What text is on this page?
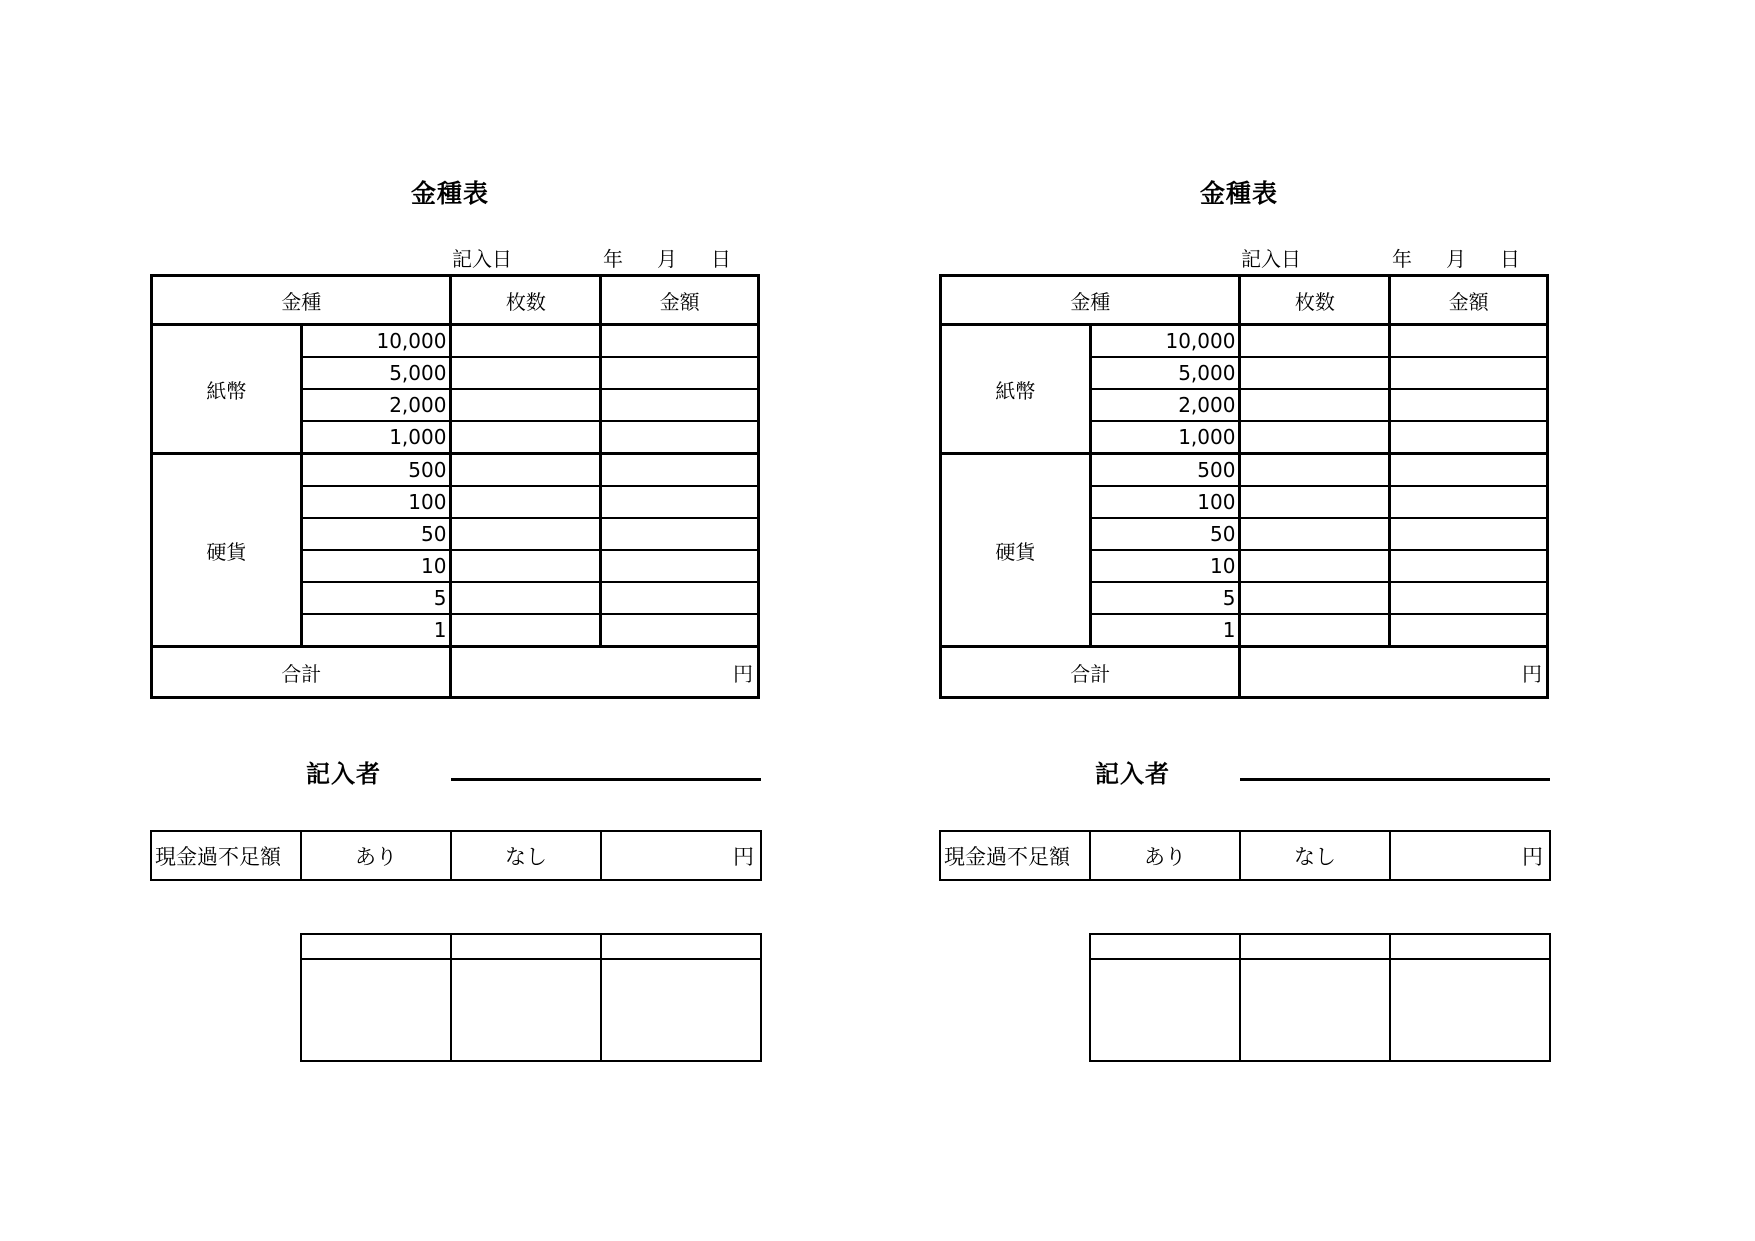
金種表
記入日	年 月 日
金種		枚数	金額
紙幣	10,000		
	5,000		
	2,000		
	1,000		
硬貨	500		
	100		
	50		
	10		
	5		
	1		
合計		円	
記入者
現金過不足額	あり	なし	円

金種表
記入日	年 月 日
金種		枚数	金額
紙幣	10,000		
	5,000		
	2,000		
	1,000		
硬貨	500		
	100		
	50		
	10		
	5		
	1		
合計		円	
記入者
現金過不足額	あり	なし	円
